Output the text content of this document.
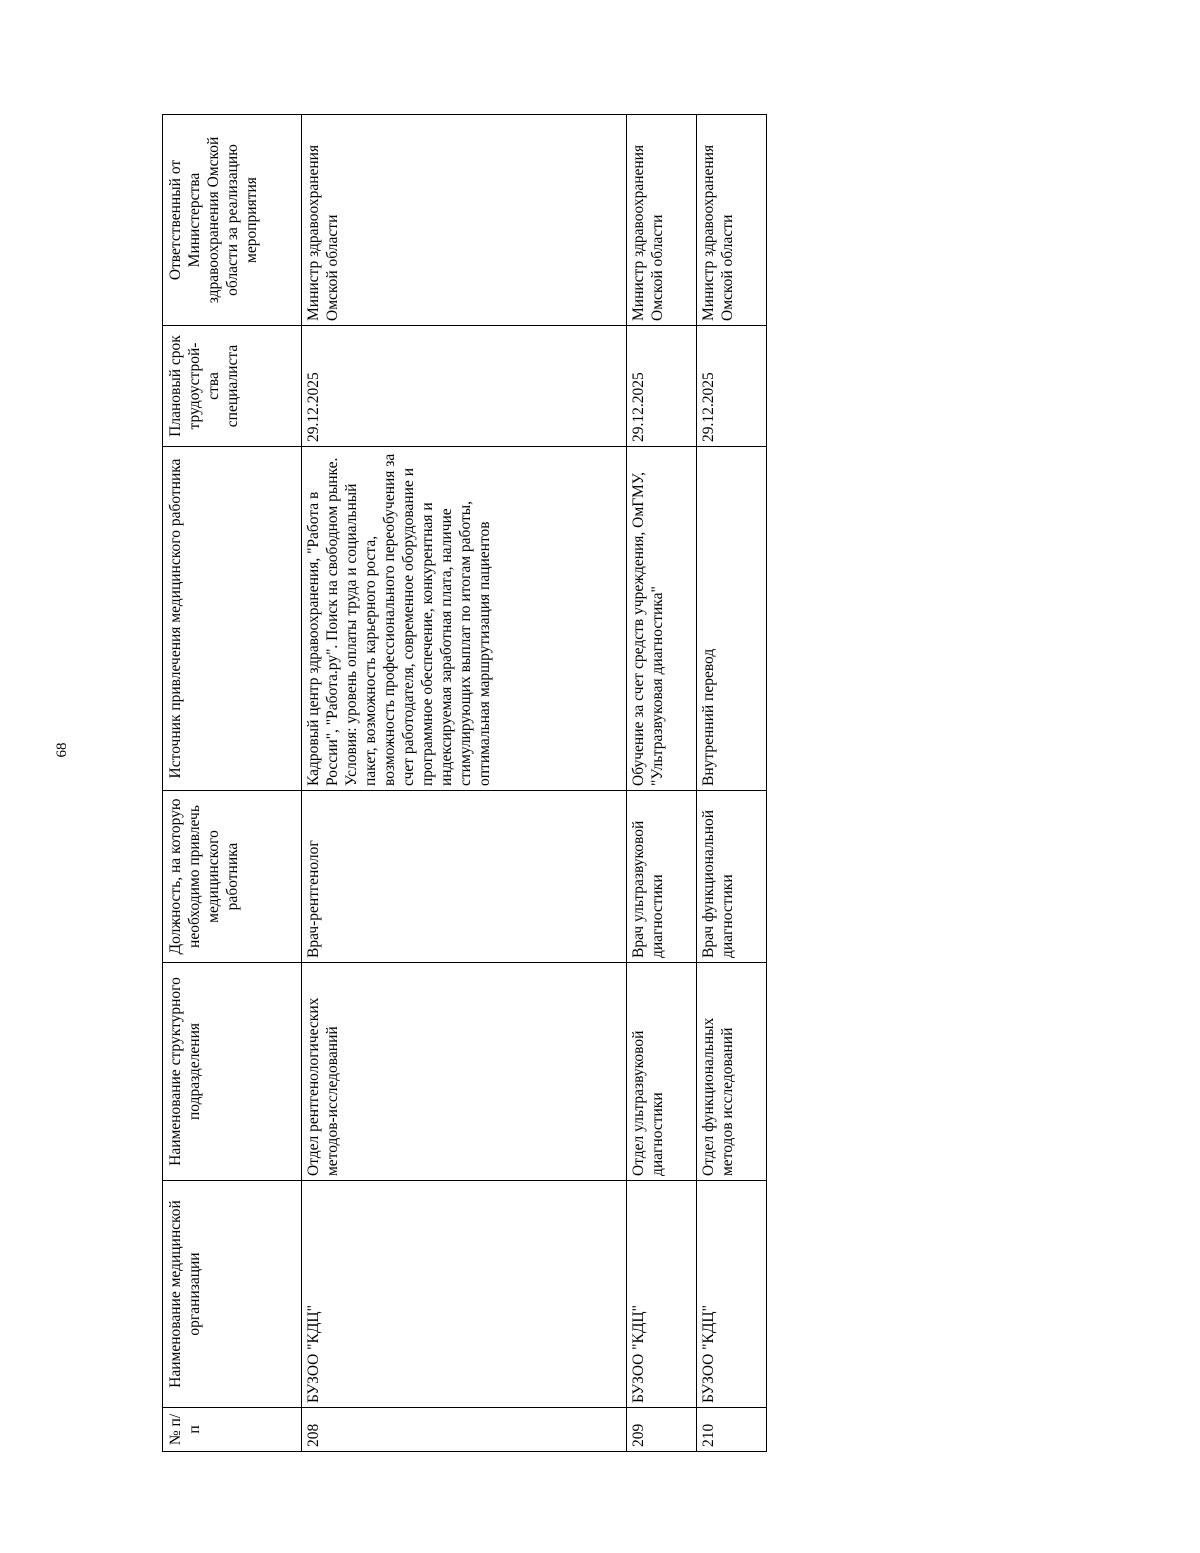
68
№ п/п	Наименование медицинской организации	Наименование структурного подразделения	Должность, на которую необходимо привлечь медицинского работника	Источник привлечения медицинского работника	Плановый срок трудоустрой-ства специалиста	Ответственный от Министерства здравоохранения Омской области за реализацию мероприятия
208	БУЗОО "КДЦ"	Отдел рентгенологических методов-исследований	Врач-рентгенолог	Кадровый центр здравоохранения, "Работа в России", "Работа.ру". Поиск на свободном рынке. Условия: уровень оплаты труда и социальный пакет, возможность карьерного роста, возможность профессионального переобучения за счет работодателя, современное оборудование и программное обеспечение, конкурентная и индексируемая заработная плата, наличие стимулирующих выплат по итогам работы, оптимальная маршрутизация пациентов	29.12.2025	Министр здравоохранения Омской области
209	БУЗОО "КДЦ"	Отдел ультразвуковой диагностики	Врач ультразвуковой диагностики	Обучение за счет средств учреждения, ОмГМУ, "Ультразвуковая диагностика"	29.12.2025	Министр здравоохранения Омской области
210	БУЗОО "КДЦ"	Отдел функциональных методов исследований	Врач функциональной диагностики	Внутренний перевод	29.12.2025	Министр здравоохранения Омской области
